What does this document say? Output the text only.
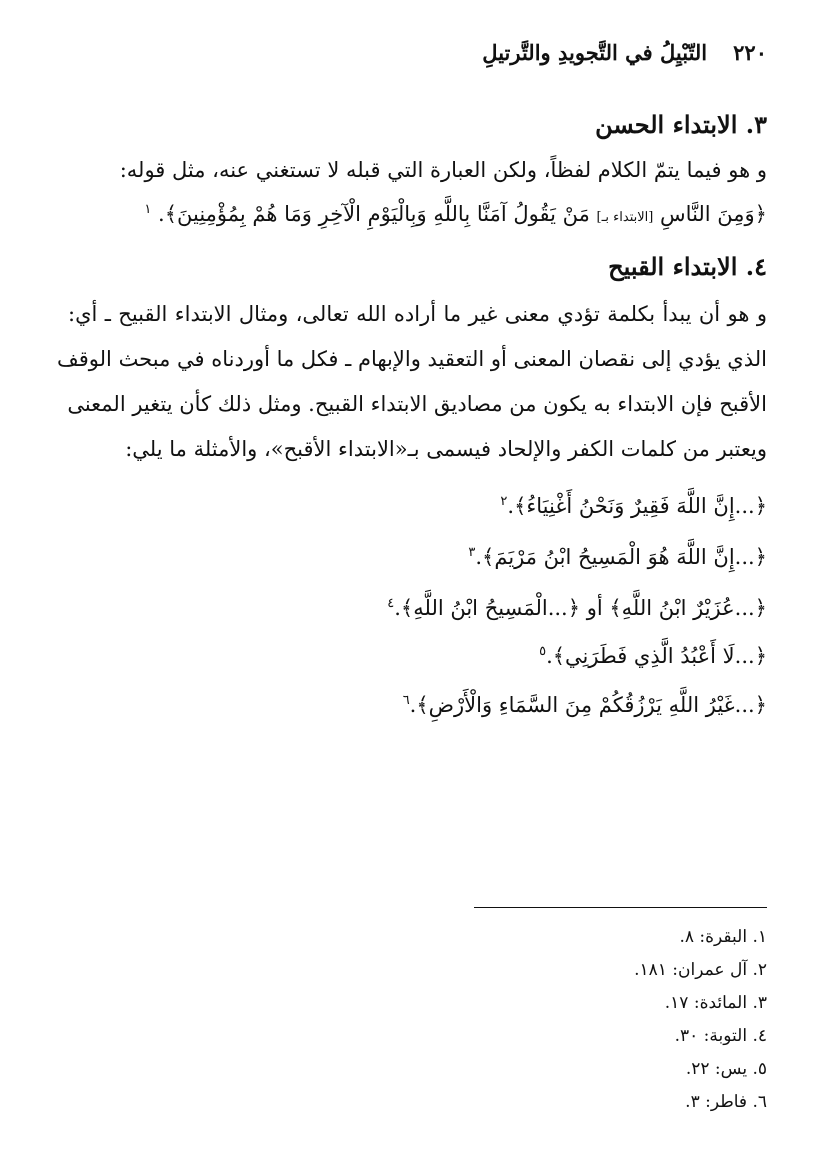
٢٢٠
التّبْيِلُ في التَّجويدِ والتَّرتيلِ
٣. الابتداء الحسن
و هو فيما يتمّ الكلام لفظاً، ولكن العبارة التي قبله لا تستغني عنه، مثل قوله:
﴿وَمِنَ النَّاسِ [الابتداء بـ] مَنْ يَقُولُ آمَنَّا بِاللَّهِ وَبِالْيَوْمِ الْآخِرِ وَمَا هُمْ بِمُؤْمِنِينَ﴾. $^١$
٤. الابتداء القبيح
و هو أن يبدأ بكلمة تؤدي معنى غير ما أراده الله تعالى، ومثال الابتداء القبيح ـ أي:
الذي يؤدي إلى نقصان المعنى أو التعقيد والإبهام ـ فكل ما أوردناه في مبحث الوقف
الأقبح فإن الابتداء به يكون من مصاديق الابتداء القبيح. ومثل ذلك كأن يتغير المعنى
ويعتبر من كلمات الكفر والإلحاد فيسمى بـ«الابتداء الأقبح»، والأمثلة ما يلي:
﴿...إِنَّ اللَّهَ فَقِيرٌ وَنَحْنُ أَغْنِيَاءُ﴾.$^٢$
﴿...إِنَّ اللَّهَ هُوَ الْمَسِيحُ ابْنُ مَرْيَمَ﴾.$^٣$
﴿...عُزَيْرٌ ابْنُ اللَّهِ﴾ أو ﴿...الْمَسِيحُ ابْنُ اللَّهِ﴾.$^٤$
﴿...لَا أَعْبُدُ الَّذِي فَطَرَنِي﴾.$^٥$
﴿...غَيْرُ اللَّهِ يَرْزُقُكُمْ مِنَ السَّمَاءِ وَالْأَرْضِ﴾.$^٦$
١. البقرة: ٨.
٢. آل عمران: ١٨١.
٣. المائدة: ١٧.
٤. التوبة: ٣٠.
٥. يس: ٢٢.
٦. فاطر: ٣.
